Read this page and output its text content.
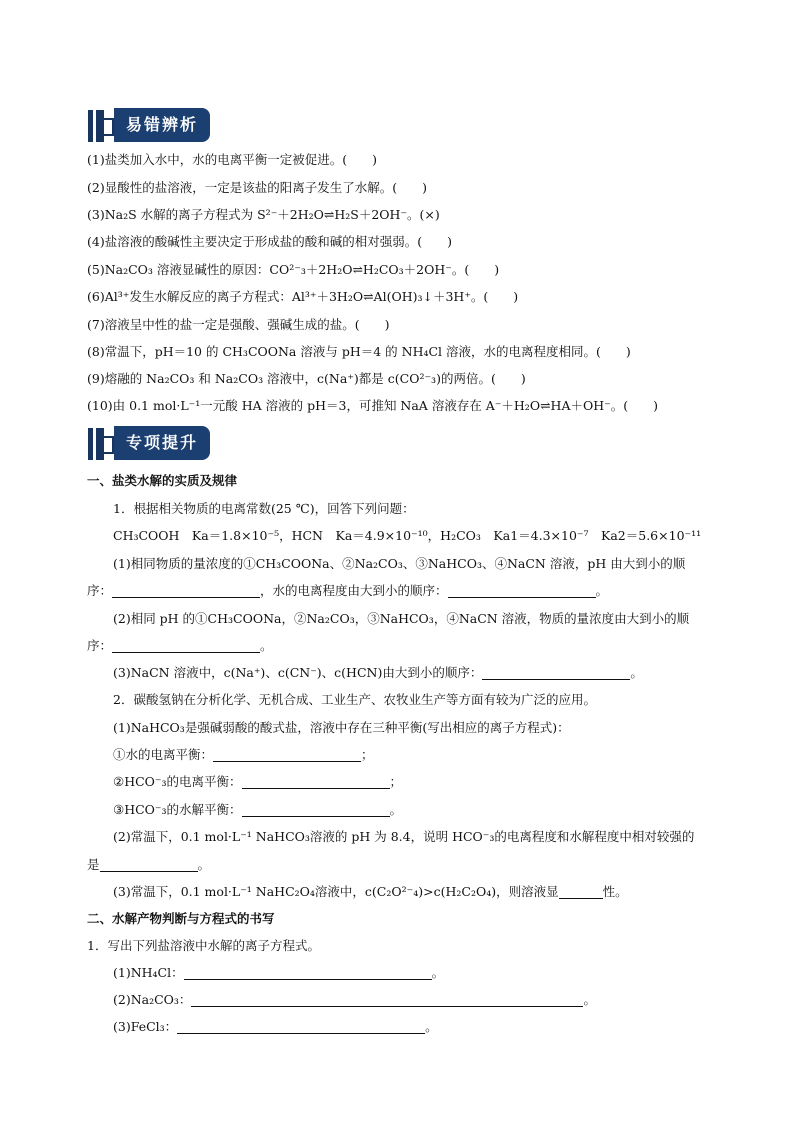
易错辨析
(1)盐类加入水中，水的电离平衡一定被促进。(　　)
(2)显酸性的盐溶液，一定是该盐的阳离子发生了水解。(　　)
(3)Na₂S 水解的离子方程式为 S²⁻＋2H₂O⇌H₂S＋2OH⁻。(×)
(4)盐溶液的酸碱性主要决定于形成盐的酸和碱的相对强弱。(　　)
(5)Na₂CO₃ 溶液显碱性的原因：CO²⁻₃＋2H₂O⇌H₂CO₃＋2OH⁻。(　　)
(6)Al³⁺发生水解反应的离子方程式：Al³⁺＋3H₂O⇌Al(OH)₃↓＋3H⁺。(　　)
(7)溶液呈中性的盐一定是强酸、强碱生成的盐。(　　)
(8)常温下，pH＝10 的 CH₃COONa 溶液与 pH＝4 的 NH₄Cl 溶液，水的电离程度相同。(　　)
(9)熔融的 Na₂CO₃ 和 Na₂CO₃ 溶液中，c(Na⁺)都是 c(CO²⁻₃)的两倍。(　　)
(10)由 0.1 mol·L⁻¹一元酸 HA 溶液的 pH＝3，可推知 NaA 溶液存在 A⁻＋H₂O⇌HA＋OH⁻。(　　)
专项提升
一、盐类水解的实质及规律
1．根据相关物质的电离常数(25 ℃)，回答下列问题：
CH₃COOH　Ka＝1.8×10⁻⁵，HCN　Ka＝4.9×10⁻¹⁰，H₂CO₃　Ka1＝4.3×10⁻⁷　Ka2＝5.6×10⁻¹¹
(1)相同物质的量浓度的①CH₃COONa、②Na₂CO₃、③NaHCO₃、④NaCN 溶液，pH 由大到小的顺
序：	，水的电离程度由大到小的顺序：	。
(2)相同 pH 的①CH₃COONa，②Na₂CO₃，③NaHCO₃，④NaCN 溶液，物质的量浓度由大到小的顺
序：	。
(3)NaCN 溶液中，c(Na⁺)、c(CN⁻)、c(HCN)由大到小的顺序：	。
2．碳酸氢钠在分析化学、无机合成、工业生产、农牧业生产等方面有较为广泛的应用。
(1)NaHCO₃是强碱弱酸的酸式盐，溶液中存在三种平衡(写出相应的离子方程式)：
①水的电离平衡：	；
②HCO⁻₃的电离平衡：	；
③HCO⁻₃的水解平衡：	。
(2)常温下，0.1 mol·L⁻¹ NaHCO₃溶液的 pH 为 8.4，说明 HCO⁻₃的电离程度和水解程度中相对较强的
是	。
(3)常温下，0.1 mol·L⁻¹ NaHC₂O₄溶液中，c(C₂O²⁻₄)>c(H₂C₂O₄)，则溶液显	性。
二、水解产物判断与方程式的书写
1．写出下列盐溶液中水解的离子方程式。
(1)NH₄Cl：	。
(2)Na₂CO₃：	。
(3)FeCl₃：	。
